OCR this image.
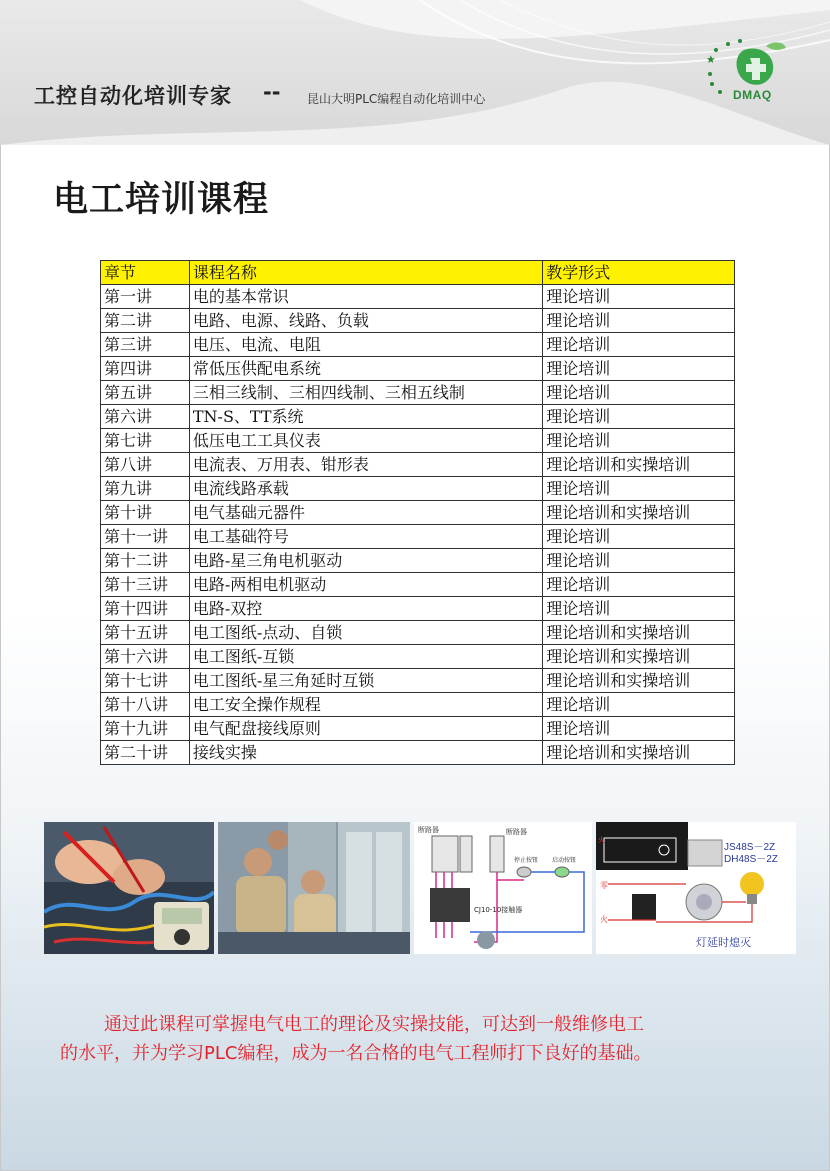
工控自动化培训专家 -- 昆山大明PLC编程自动化培训中心	DMAQ
电工培训课程
章节	课程名称	教学形式
第一讲	电的基本常识	理论培训
第二讲	电路、电源、线路、负载	理论培训
第三讲	电压、电流、电阻	理论培训
第四讲	常低压供配电系统	理论培训
第五讲	三相三线制、三相四线制、三相五线制	理论培训
第六讲	TN-S、TT系统	理论培训
第七讲	低压电工工具仪表	理论培训
第八讲	电流表、万用表、钳形表	理论培训和实操培训
第九讲	电流线路承载	理论培训
第十讲	电气基础元器件	理论培训和实操培训
第十一讲	电工基础符号	理论培训
第十二讲	电路-星三角电机驱动	理论培训
第十三讲	电路-两相电机驱动	理论培训
第十四讲	电路-双控	理论培训
第十五讲	电工图纸-点动、自锁	理论培训和实操培训
第十六讲	电工图纸-互锁	理论培训和实操培训
第十七讲	电工图纸-星三角延时互锁	理论培训和实操培训
第十八讲	电工安全操作规程	理论培训
第十九讲	电气配盘接线原则	理论培训
第二十讲	接线实操	理论培训和实操培训
断路器	断路器
CJ10-10接触器
停止按钮 启动按钮
火
JS48S－2Z
DH48S－2Z
零
火
灯延时熄灭
通过此课程可掌握电气电工的理论及实操技能，可达到一般维修电工
的水平，并为学习PLC编程，成为一名合格的电气工程师打下良好的基础。
